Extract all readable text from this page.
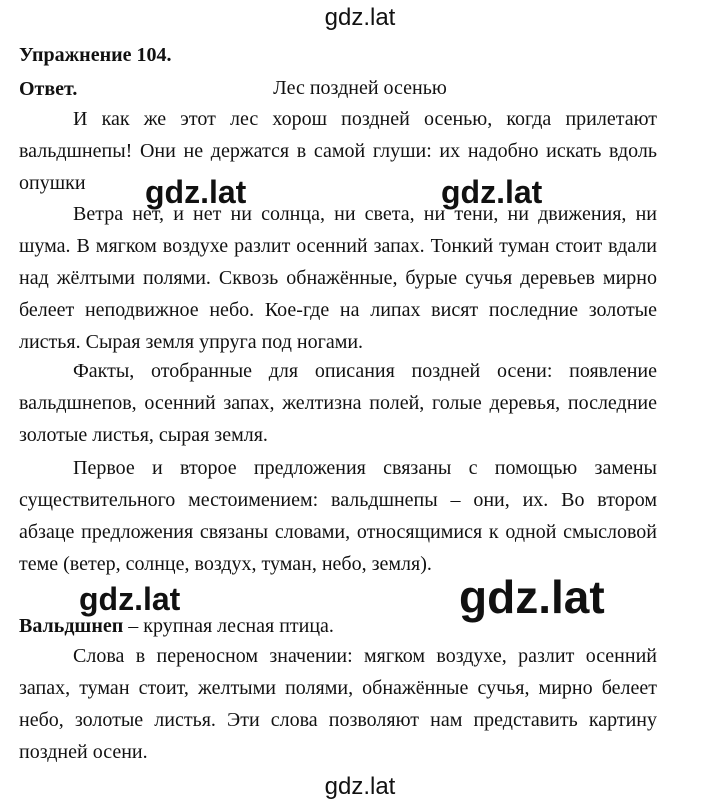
gdz.lat
Упражнение 104.
Ответ.	Лес поздней осенью

И как же этот лес хорош поздней осенью, когда прилетают вальдшнепы! Они не держатся в самой глуши: их надобно искать вдоль опушки

Ветра нет, и нет ни солнца, ни света, ни тени, ни движения, ни шума. В мягком воздухе разлит осенний запах. Тонкий туман стоит вдали над жёлтыми полями. Сквозь обнажённые, бурые сучья деревьев мирно белеет неподвижное небо. Кое-где на липах висят последние золотые листья. Сырая земля упруга под ногами.

Факты, отобранные для описания поздней осени: появление вальдшнепов, осенний запах, желтизна полей, голые деревья, последние золотые листья, сырая земля.

Первое и второе предложения связаны с помощью замены существительного местоимением: вальдшнепы – они, их. Во втором абзаце предложения связаны словами, относящимися к одной смысловой теме (ветер, солнце, воздух, туман, небо, земля).

Вальдшнеп – крупная лесная птица.

Слова в переносном значении: мягком воздухе, разлит осенний запах, туман стоит, желтыми полями, обнажённые сучья, мирно белеет небо, золотые листья. Эти слова позволяют нам представить картину поздней осени.

gdz.lat	gdz.lat
gdz.lat	gdz.lat
gdz.lat
